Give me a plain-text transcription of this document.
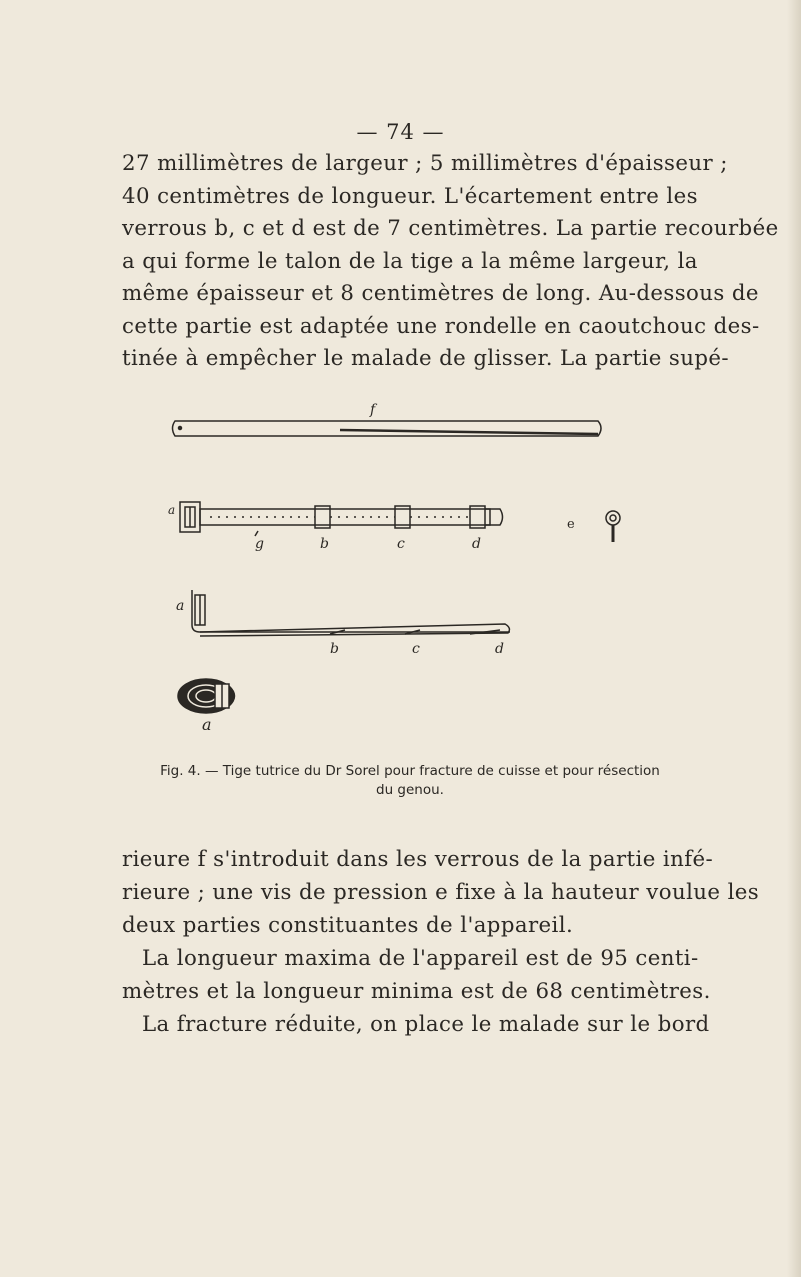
— 74 —

27 millimètres de largeur ; 5 millimètres d'épaisseur ;
40 centimètres de longueur. L'écartement entre les
verrous b, c et d est de 7 centimètres. La partie recourbée
a qui forme le talon de la tige a la même largeur, la
même épaisseur et 8 centimètres de long. Au-dessous de
cette partie est adaptée une rondelle en caoutchouc des-
tinée à empêcher le malade de glisser. La partie supé-

f
a
g	b	c	d
e
a
b	c	d
a
Fig. 4. — Tige tutrice du Dr Sorel pour fracture de cuisse et pour résection
du genou.

rieure f s'introduit dans les verrous de la partie infé-
rieure ; une vis de pression e fixe à la hauteur voulue les
deux parties constituantes de l'appareil.
La longueur maxima de l'appareil est de 95 centi-
mètres et la longueur minima est de 68 centimètres.
La fracture réduite, on place le malade sur le bord
